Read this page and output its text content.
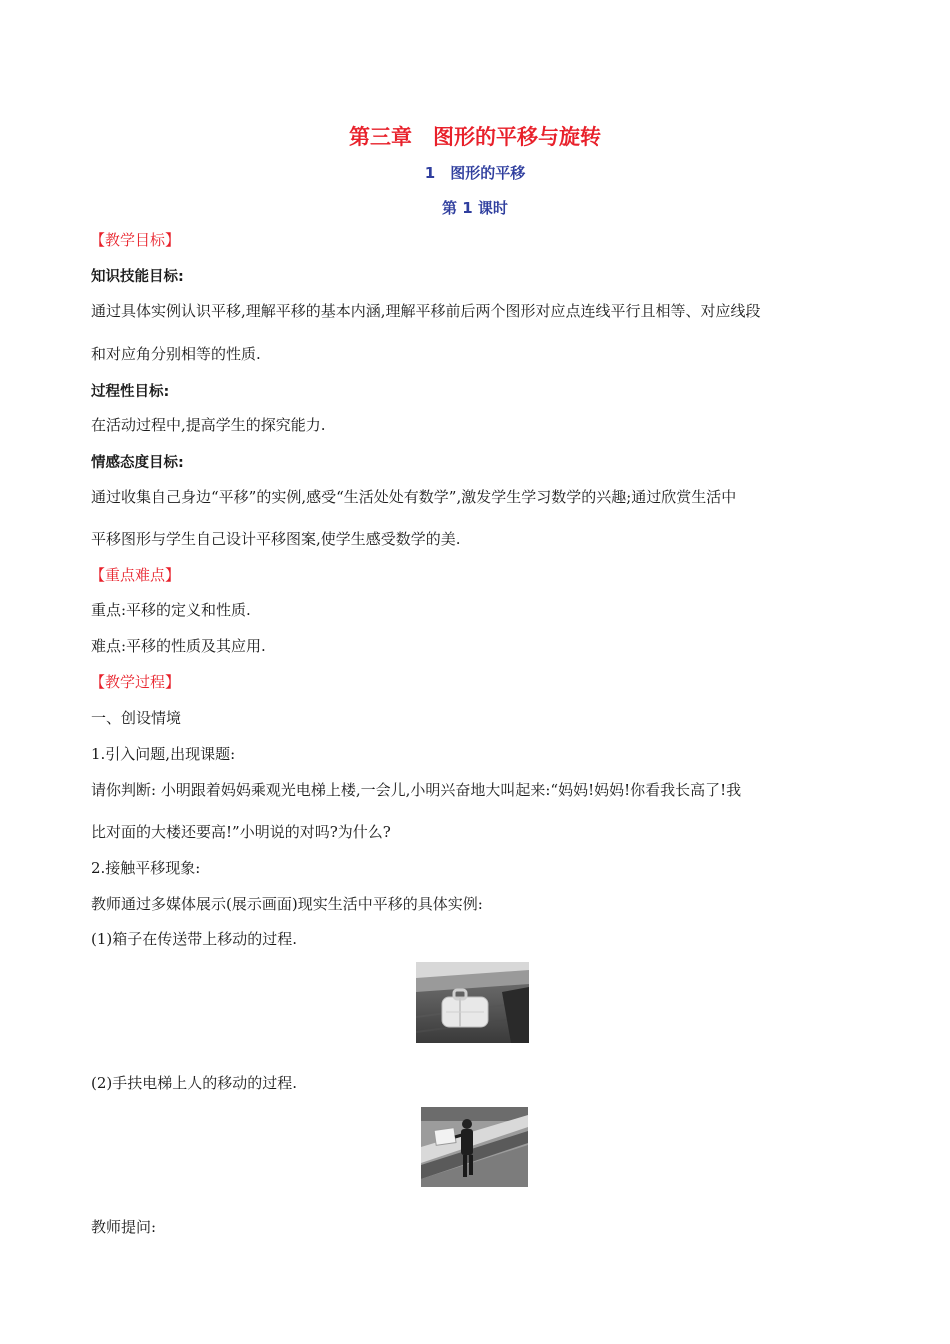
第三章　图形的平移与旋转
1　图形的平移
第 1 课时
【教学目标】
知识技能目标:
通过具体实例认识平移,理解平移的基本内涵,理解平移前后两个图形对应点连线平行且相等、对应线段
和对应角分别相等的性质.
过程性目标:
在活动过程中,提高学生的探究能力.
情感态度目标:
通过收集自己身边“平移”的实例,感受“生活处处有数学”,激发学生学习数学的兴趣;通过欣赏生活中
平移图形与学生自己设计平移图案,使学生感受数学的美.
【重点难点】
重点:平移的定义和性质.
难点:平移的性质及其应用.
【教学过程】
一、创设情境
1.引入问题,出现课题:
请你判断: 小明跟着妈妈乘观光电梯上楼,一会儿,小明兴奋地大叫起来:“妈妈!妈妈!你看我长高了!我
比对面的大楼还要高!”小明说的对吗?为什么?
2.接触平移现象:
教师通过多媒体展示(展示画面)现实生活中平移的具体实例:
(1)箱子在传送带上移动的过程.
(2)手扶电梯上人的移动的过程.
教师提问:
